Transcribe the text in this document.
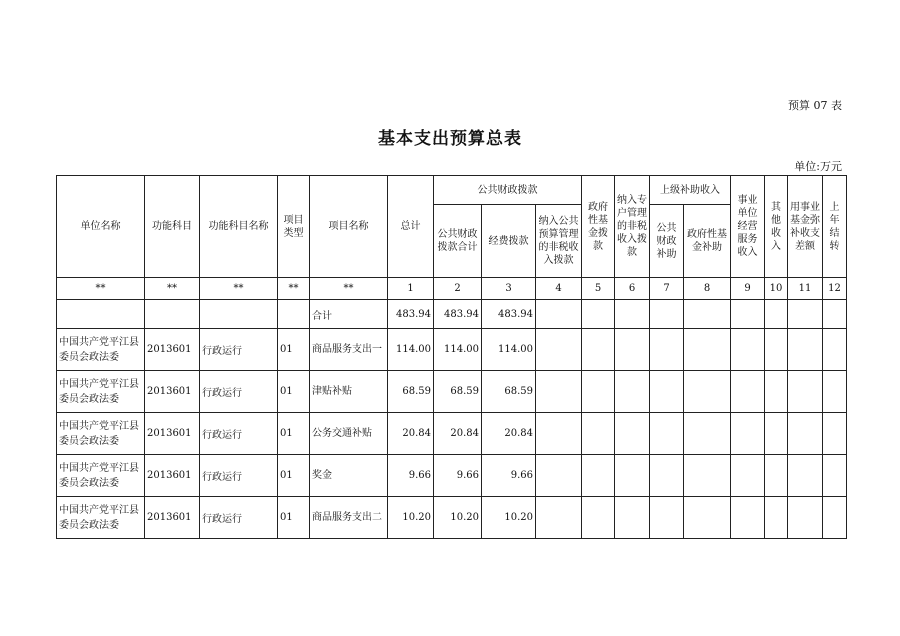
预算 07 表
基本支出预算总表
单位:万元
单位名称	功能科目	功能科目名称	项目类型	项目名称	总计	公共财政拨款			政府性基金拨款	纳入专户管理的非税收入拨款	上级补助收入		事业单位经营服务收入	其他收入	用事业基金弥补收支差额	上年结转
						公共财政拨款合计	经费拨款	纳入公共预算管理的非税收入拨款			公共财政补助	政府性基金补助				
**	**	**	**	**	1	2	3	4	5	6	7	8	9	10	11	12
				合计	483.94	483.94	483.94									
中国共产党平江县委员会政法委	2013601	行政运行	01	商品服务支出一	114.00	114.00	114.00									
中国共产党平江县委员会政法委	2013601	行政运行	01	津贴补贴	68.59	68.59	68.59									
中国共产党平江县委员会政法委	2013601	行政运行	01	公务交通补贴	20.84	20.84	20.84									
中国共产党平江县委员会政法委	2013601	行政运行	01	奖金	9.66	9.66	9.66									
中国共产党平江县委员会政法委	2013601	行政运行	01	商品服务支出二	10.20	10.20	10.20									
